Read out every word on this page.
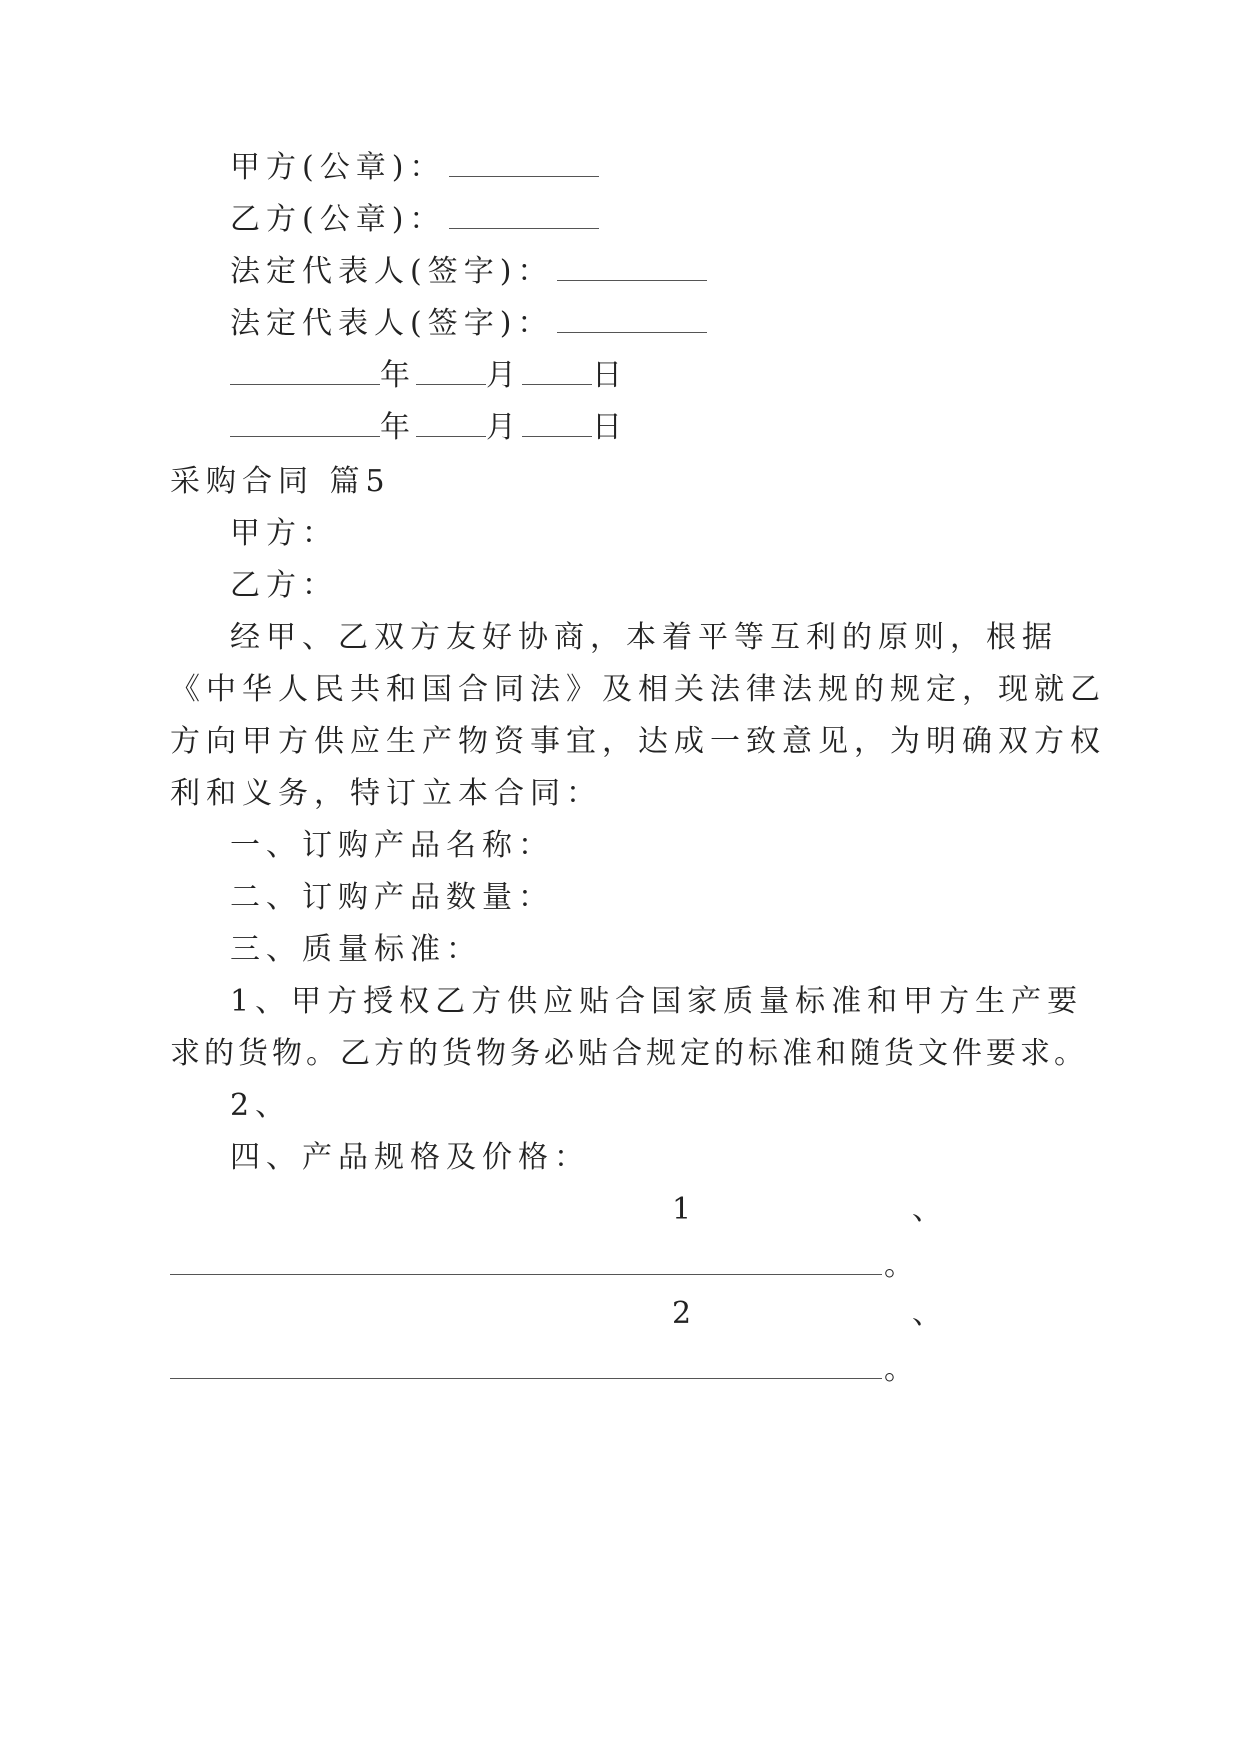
甲方(公章)：
乙方(公章)：
法定代表人(签字)：
法定代表人(签字)：
年 月 日
年 月 日
采购合同 篇5
甲方：
乙方：
经甲、乙双方友好协商，本着平等互利的原则，根据
《中华人民共和国合同法》及相关法律法规的规定，现就乙
方向甲方供应生产物资事宜，达成一致意见，为明确双方权
利和义务，特订立本合同：
一、订购产品名称：
二、订购产品数量：
三、质量标准：
1、甲方授权乙方供应贴合国家质量标准和甲方生产要
求的货物。乙方的货物务必贴合规定的标准和随货文件要求。
2、
四、产品规格及价格：
1	、
。
2	、
。
